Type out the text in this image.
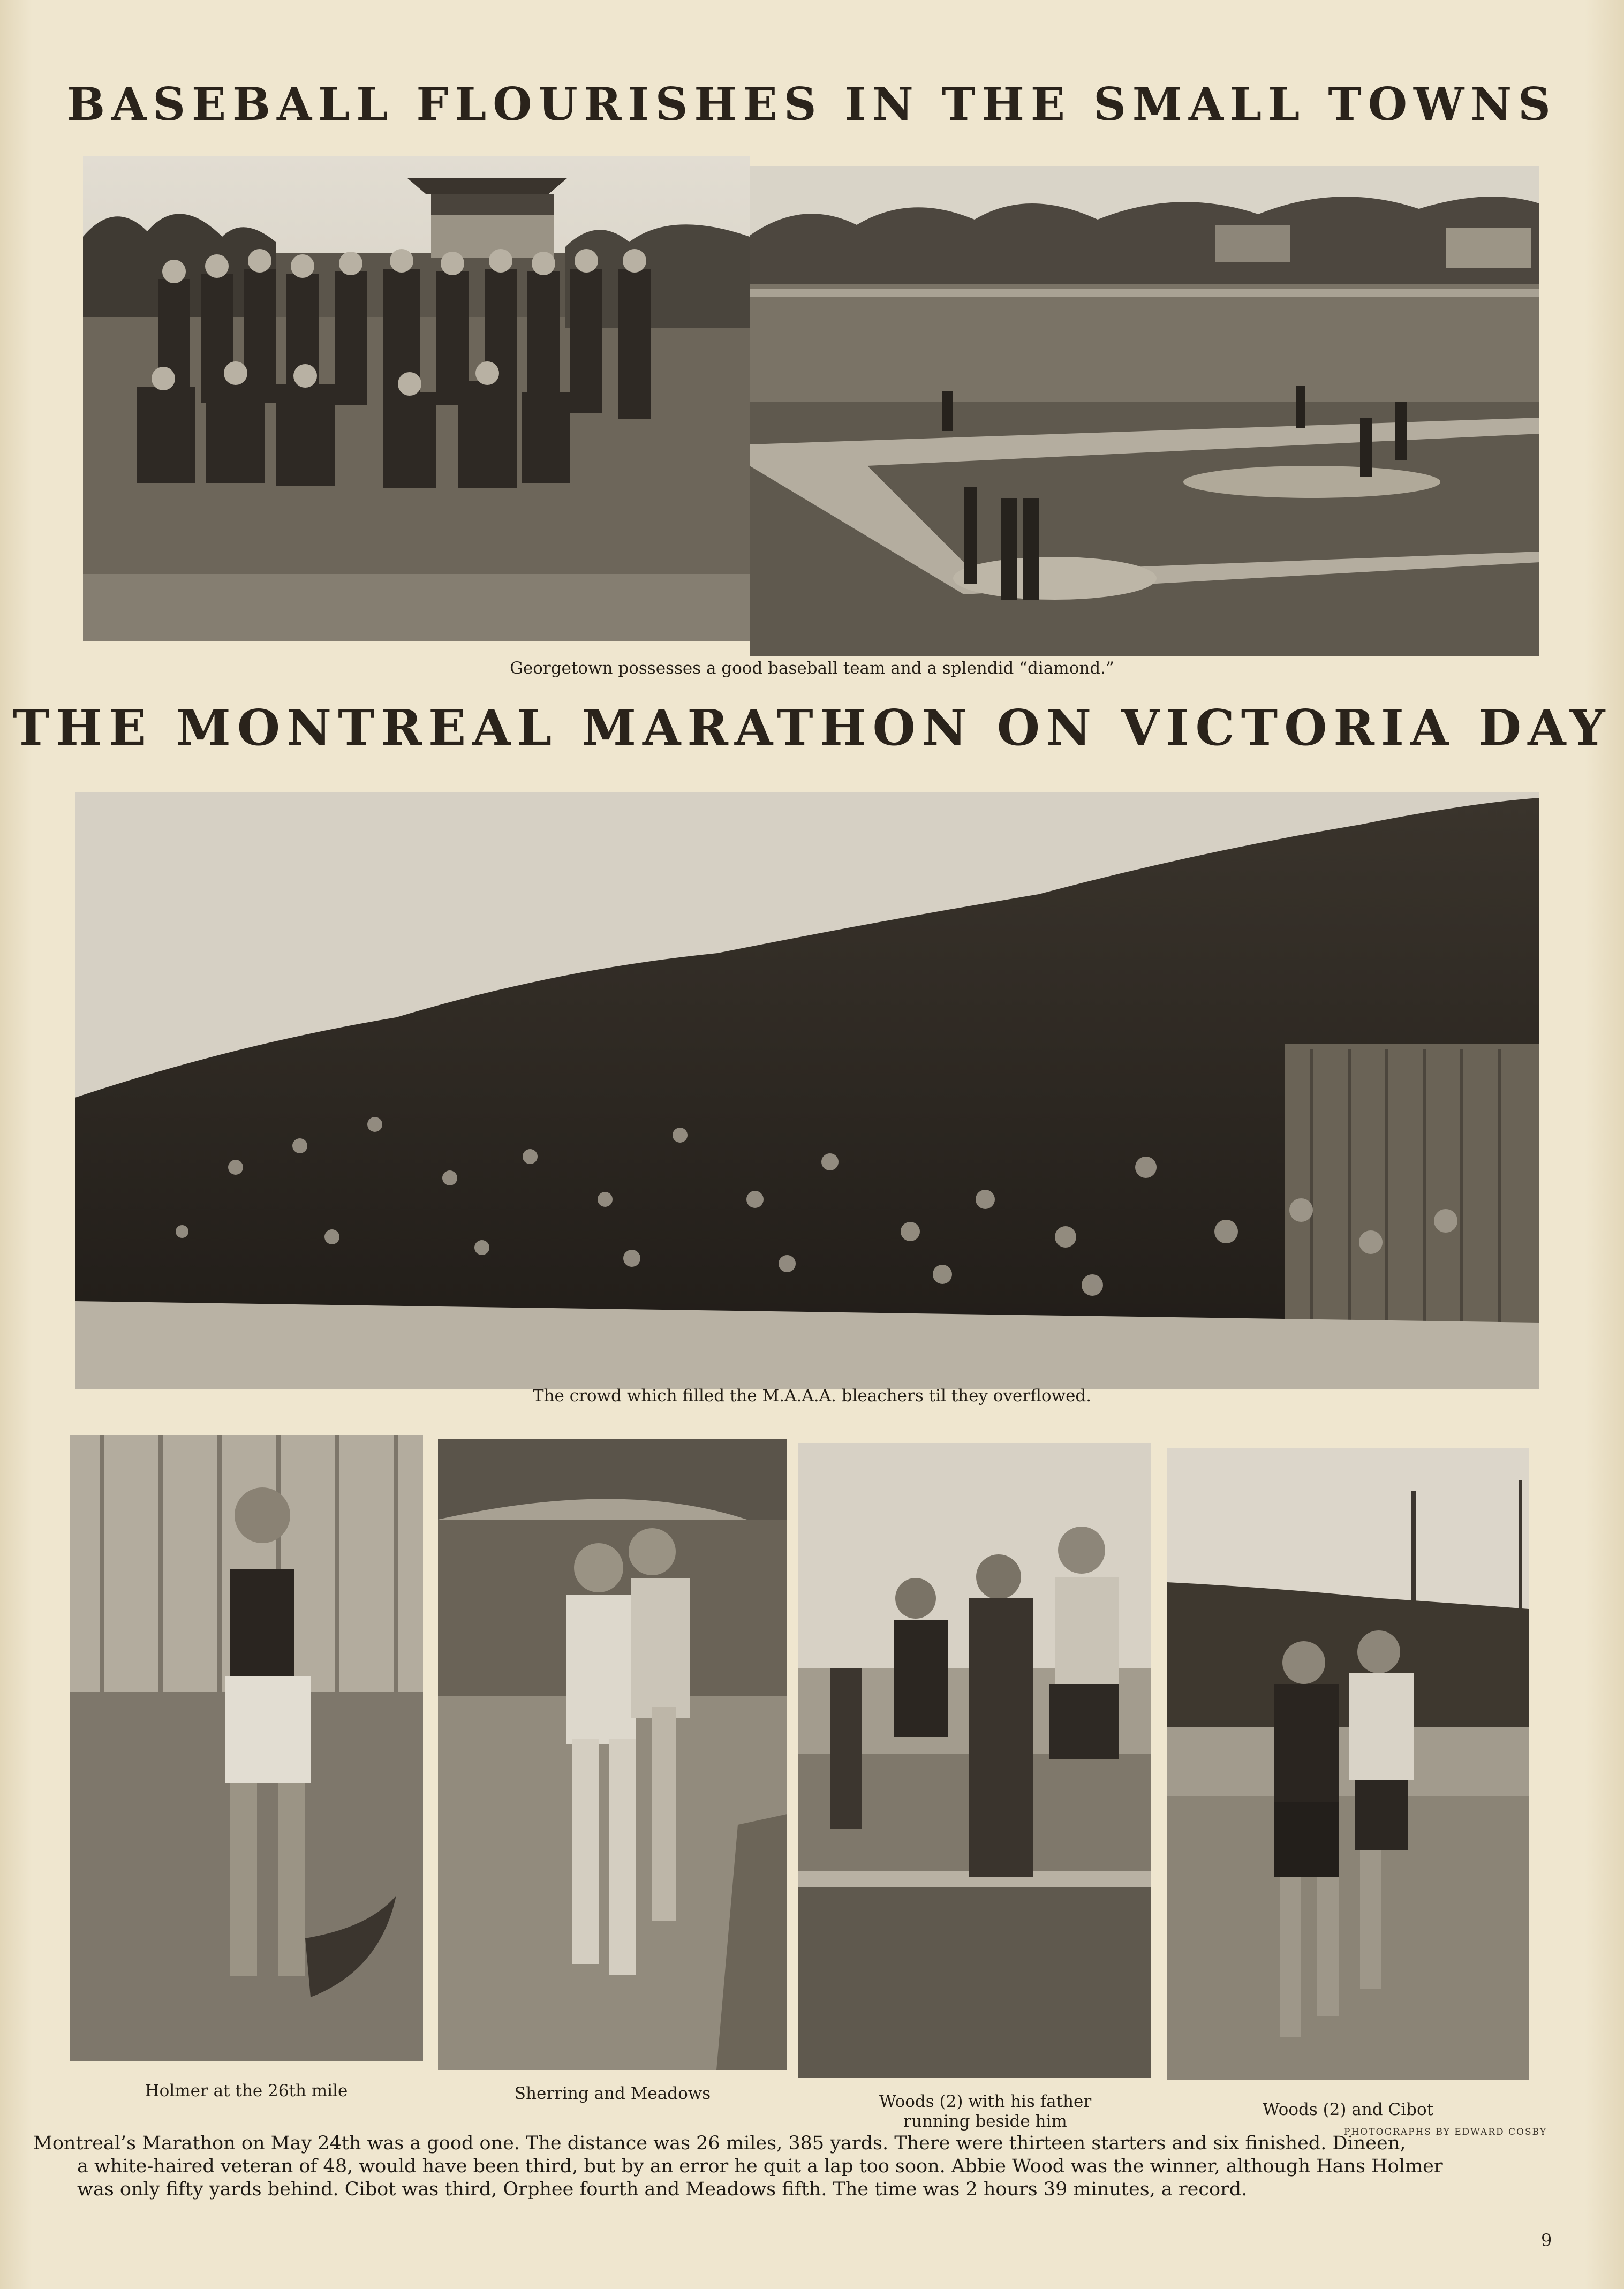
BASEBALL FLOURISHES IN THE SMALL TOWNS
Georgetown possesses a good baseball team and a splendid “diamond.”
THE MONTREAL MARATHON ON VICTORIA DAY
The crowd which filled the M.A.A.A. bleachers til they overflowed.
Holmer at the 26th mile	Sherring and Meadows	Woods (2) with his father
running beside him
Woods (2) and Cibot
PHOTOGRAPHS BY EDWARD COSBY
Montreal’s Marathon on May 24th was a good one. The distance was 26 miles, 385 yards. There were thirteen starters and six finished. Dineen,
a white-haired veteran of 48, would have been third, but by an error he quit a lap too soon. Abbie Wood was the winner, although Hans Holmer
was only fifty yards behind. Cibot was third, Orphee fourth and Meadows fifth. The time was 2 hours 39 minutes, a record.
9
